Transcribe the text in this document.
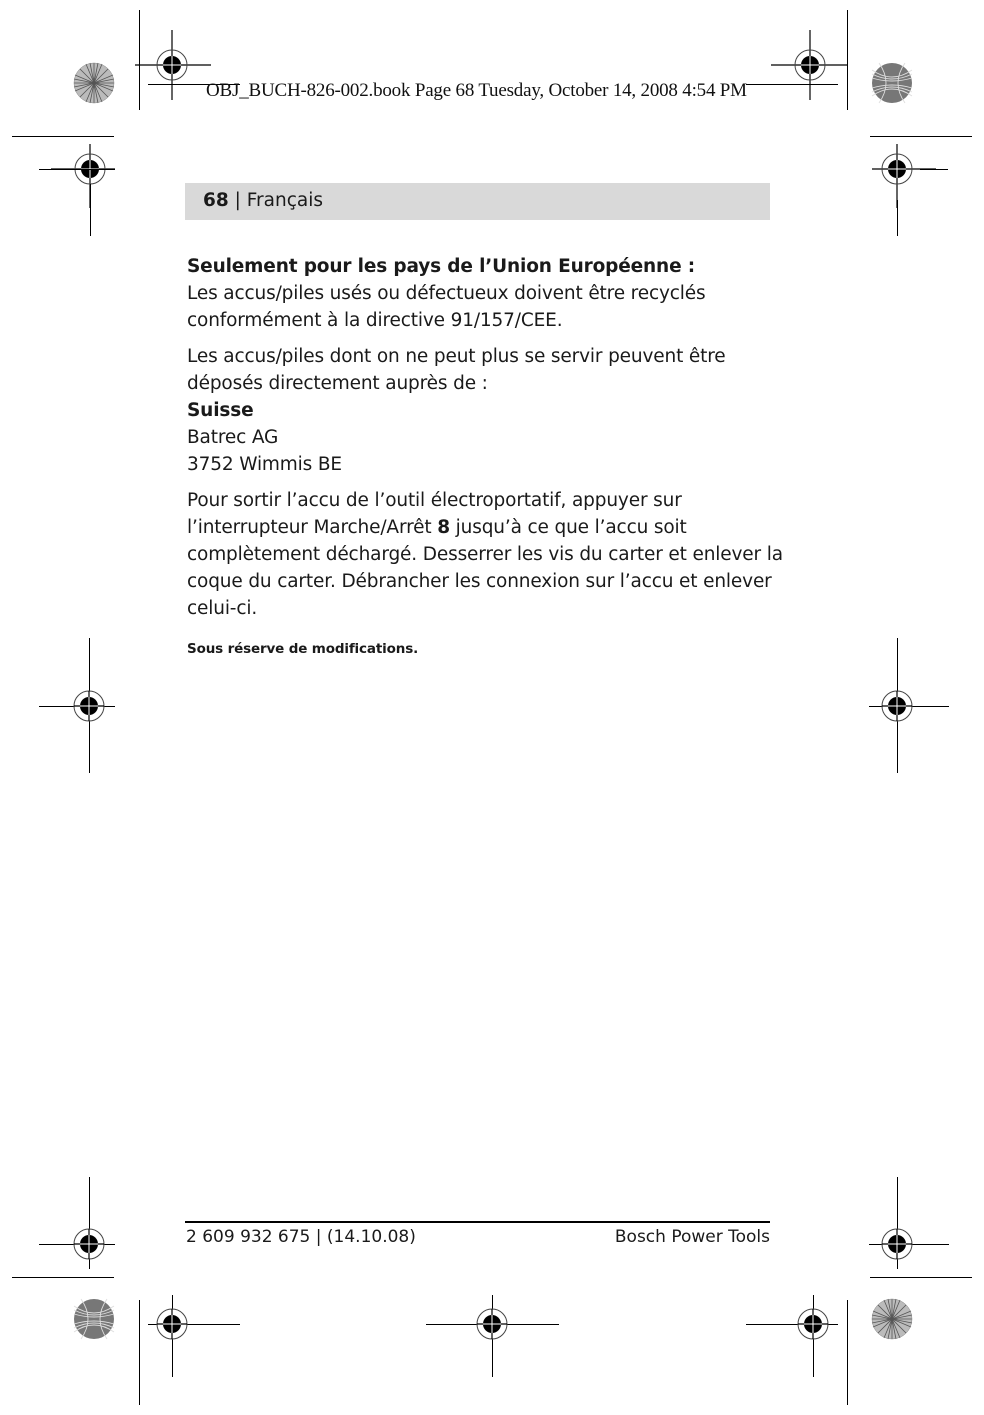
OBJ_BUCH-826-002.book Page 68 Tuesday, October 14, 2008 4:54 PM
68 | Français

Seulement pour les pays de l’Union Européenne :
Les accus/piles usés ou défectueux doivent être recyclés conformément à la directive 91/157/CEE.

Les accus/piles dont on ne peut plus se servir peuvent être déposés directement auprès de :
Suisse
Batrec AG
3752 Wimmis BE

Pour sortir l’accu de l’outil électroportatif, appuyer sur l’interrupteur Marche/Arrêt 8 jusqu’à ce que l’accu soit complètement déchargé. Desserrer les vis du carter et enlever la coque du carter. Débrancher les connexion sur l’accu et enlever celui-ci.

Sous réserve de modifications.

2 609 932 675 | (14.10.08)	Bosch Power Tools
